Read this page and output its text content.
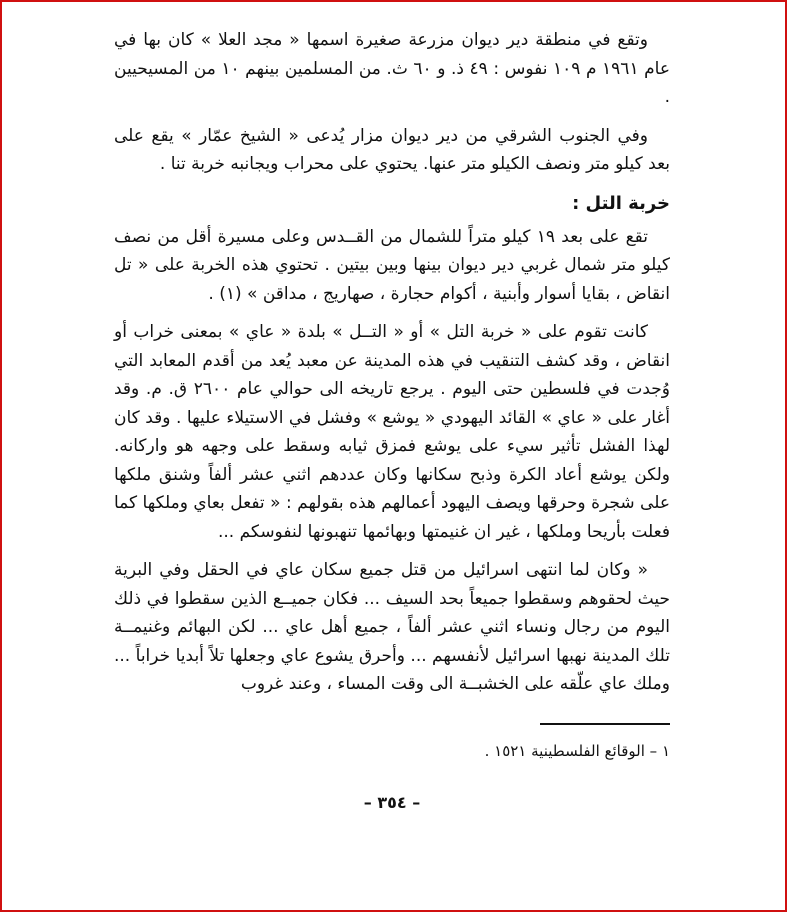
وتقع في منطقة دير ديوان مزرعة صغيرة اسمها « مجد العلا » كان بها في عام ١٩٦١ م ١٠٩ نفوس : ٤٩ ذ. و ٦٠ ث. من المسلمين بينهم ١٠ من المسيحيين .

وفي الجنوب الشرقي من دير ديوان مزار يُدعى « الشيخ عمّار » يقع على بعد كيلو متر ونصف الكيلو متر عنها. يحتوي على محراب ويجانبه خربة تنا .

خربة التل :

تقع على بعد ١٩ كيلو متراً للشمال من القــدس وعلى مسيرة أقل من نصف كيلو متر شمال غربي دير ديوان بينها وبين بيتين . تحتوي هذه الخربة على « تل انقاض ، بقايا أسوار وأبنية ، أكوام حجارة ، صهاريج ، مداقن » (١) .

كانت تقوم على « خربة التل » أو « التــل » بلدة « عاي » بمعنى خراب أو انقاض ، وقد كشف التنقيب في هذه المدينة عن معبد يُعد من أقدم المعابد التي وُجدت في فلسطين حتى اليوم . يرجع تاريخه الى حوالي عام ٢٦٠٠ ق. م. وقد أغار على « عاي » القائد اليهودي « يوشع » وفشل في الاستيلاء عليها . وقد كان لهذا الفشل تأثير سيء على يوشع فمزق ثيابه وسقط على وجهه هو واركانه. ولكن يوشع أعاد الكرة وذبح سكانها وكان عددهم اثني عشر ألفاً وشنق ملكها على شجرة وحرقها ويصف اليهود أعمالهم هذه بقولهم : « تفعل بعاي وملكها كما فعلت بأريحا وملكها ، غير ان غنيمتها وبهائمها تنهبونها لنفوسكم ...

« وكان لما انتهى اسرائيل من قتل جميع سكان عاي في الحقل وفي البرية حيث لحقوهم وسقطوا جميعاً بحد السيف ... فكان جميــع الذين سقطوا في ذلك اليوم من رجال ونساء اثني عشر ألفاً ، جميع أهل عاي ... لكن البهائم وغنيمــة تلك المدينة نهبها اسرائيل لأنفسهم ... وأحرق يشوع عاي وجعلها تلاً أبديا خراباً ... وملك عاي علّقه على الخشبــة الى وقت المساء ، وعند غروب

١ – الوقائع الفلسطينية ١٥٢١ .
– ٣٥٤ –
